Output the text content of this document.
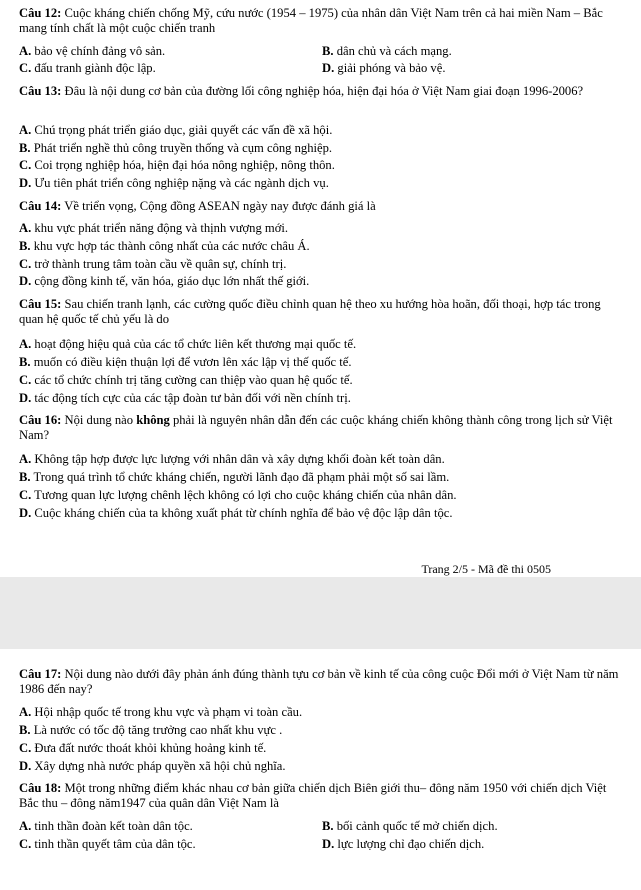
Câu 12: Cuộc kháng chiến chống Mỹ, cứu nước (1954 – 1975) của nhân dân Việt Nam trên cả hai miền Nam – Bắc mang tính chất là một cuộc chiến tranh
A. bảo vệ chính đảng vô sản.	B. dân chủ và cách mạng.
C. đấu tranh giành độc lập.	D. giải phóng và bảo vệ.
Câu 13: Đâu là nội dung cơ bản của đường lối công nghiệp hóa, hiện đại hóa ở Việt Nam giai đoạn 1996-2006?
A. Chú trọng phát triển giáo dục, giải quyết các vấn đề xã hội.
B. Phát triển nghề thủ công truyền thống và cụm công nghiệp.
C. Coi trọng nghiệp hóa, hiện đại hóa nông nghiệp, nông thôn.
D. Ưu tiên phát triển công nghiệp nặng và các ngành dịch vụ.
Câu 14: Về triển vọng, Cộng đồng ASEAN ngày nay được đánh giá là
A. khu vực phát triển năng động và thịnh vượng mới.
B. khu vực hợp tác thành công nhất của các nước châu Á.
C. trở thành trung tâm toàn cầu về quân sự, chính trị.
D. cộng đồng kinh tế, văn hóa, giáo dục lớn nhất thế giới.
Câu 15: Sau chiến tranh lạnh, các cường quốc điều chỉnh quan hệ theo xu hướng hòa hoãn, đối thoại, hợp tác trong quan hệ quốc tế chủ yếu là do
A. hoạt động hiệu quả của các tổ chức liên kết thương mại quốc tế.
B. muốn có điều kiện thuận lợi để vươn lên xác lập vị thế quốc tế.
C. các tổ chức chính trị tăng cường can thiệp vào quan hệ quốc tế.
D. tác động tích cực của các tập đoàn tư bản đối với nền chính trị.
Câu 16: Nội dung nào không phải là nguyên nhân dẫn đến các cuộc kháng chiến không thành công trong lịch sử Việt Nam?
A. Không tập hợp được lực lượng với nhân dân và xây dựng khối đoàn kết toàn dân.
B. Trong quá trình tổ chức kháng chiến, người lãnh đạo đã phạm phải một số sai lầm.
C. Tương quan lực lượng chênh lệch không có lợi cho cuộc kháng chiến của nhân dân.
D. Cuộc kháng chiến của ta không xuất phát từ chính nghĩa để bảo vệ độc lập dân tộc.
Trang 2/5 - Mã đề thi 0505
Câu 17: Nội dung nào dưới đây phản ánh đúng thành tựu cơ bản về kinh tế của công cuộc Đổi mới ở Việt Nam từ năm 1986 đến nay?
A. Hội nhập quốc tế trong khu vực và phạm vi toàn cầu.
B. Là nước có tốc độ tăng trưởng cao nhất khu vực .
C. Đưa đất nước thoát khỏi khủng hoảng kinh tế.
D. Xây dựng nhà nước pháp quyền xã hội chủ nghĩa.
Câu 18: Một trong những điểm khác nhau cơ bản giữa chiến dịch Biên giới thu– đông năm 1950 với chiến dịch Việt Bắc thu – đông năm1947 của quân dân Việt Nam là
A. tinh thần đoàn kết toàn dân tộc.	B. bối cảnh quốc tế mở chiến dịch.
C. tinh thần quyết tâm của dân tộc.	D. lực lượng chỉ đạo chiến dịch.
